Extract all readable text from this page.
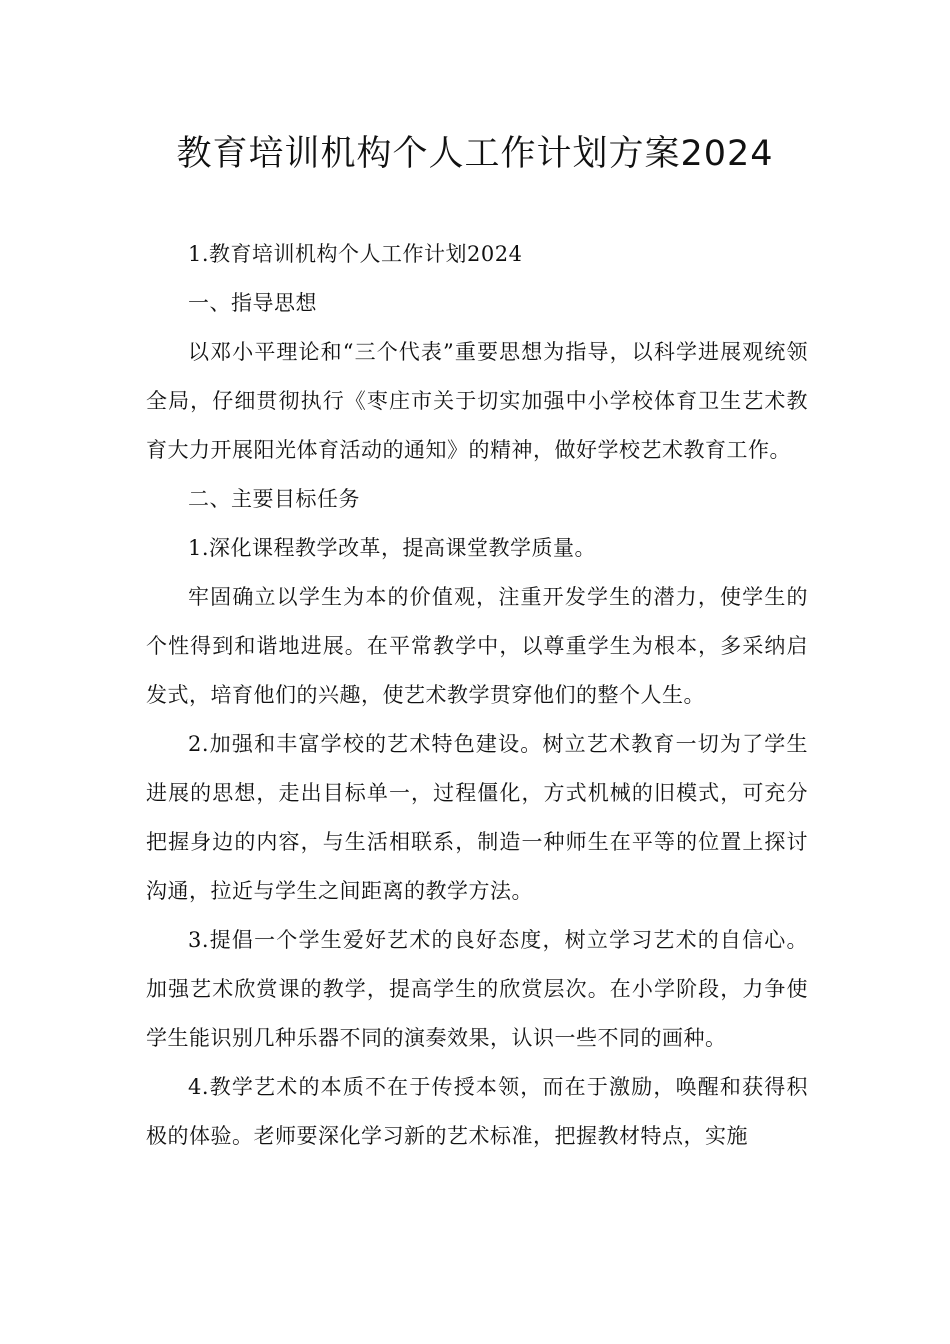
教育培训机构个人工作计划方案2024

1.教育培训机构个人工作计划2024

一、指导思想

以邓小平理论和“三个代表”重要思想为指导，以科学进展观统领全局，仔细贯彻执行《枣庄市关于切实加强中小学校体育卫生艺术教育大力开展阳光体育活动的通知》的精神，做好学校艺术教育工作。

二、主要目标任务

1.深化课程教学改革，提高课堂教学质量。

牢固确立以学生为本的价值观，注重开发学生的潜力，使学生的个性得到和谐地进展。在平常教学中，以尊重学生为根本，多采纳启发式，培育他们的兴趣，使艺术教学贯穿他们的整个人生。

2.加强和丰富学校的艺术特色建设。树立艺术教育一切为了学生进展的思想，走出目标单一，过程僵化，方式机械的旧模式，可充分把握身边的内容，与生活相联系，制造一种师生在平等的位置上探讨沟通，拉近与学生之间距离的教学方法。

3.提倡一个学生爱好艺术的良好态度，树立学习艺术的自信心。加强艺术欣赏课的教学，提高学生的欣赏层次。在小学阶段，力争使学生能识别几种乐器不同的演奏效果，认识一些不同的画种。

4.教学艺术的本质不在于传授本领，而在于激励，唤醒和获得积极的体验。老师要深化学习新的艺术标准，把握教材特点，实施
